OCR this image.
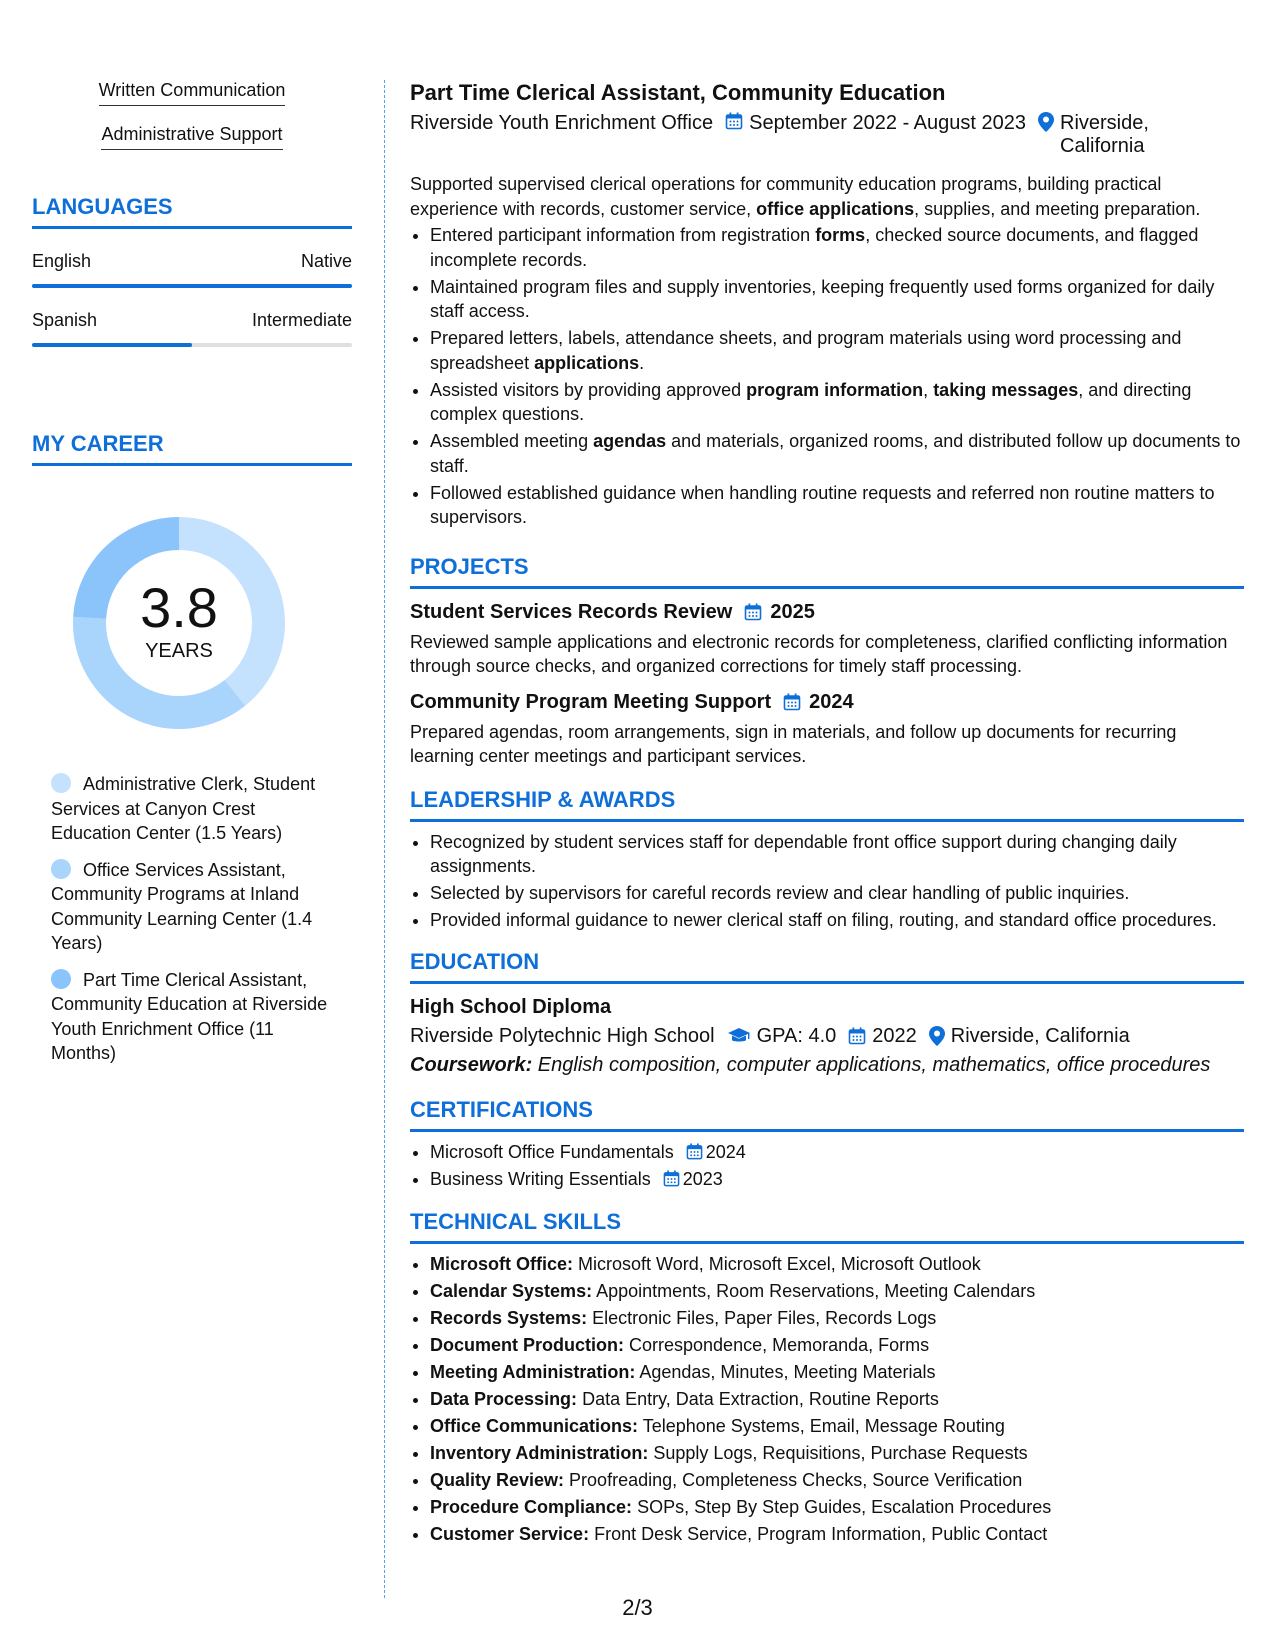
Written Communication
Administrative Support
LANGUAGES
English	Native
Spanish	Intermediate
MY CAREER
3.8
YEARS
Administrative Clerk, Student Services at Canyon Crest Education Center (1.5 Years)
Office Services Assistant, Community Programs at Inland Community Learning Center (1.4 Years)
Part Time Clerical Assistant, Community Education at Riverside Youth Enrichment Office (11 Months)
Part Time Clerical Assistant, Community Education
Riverside Youth Enrichment Office September 2022 - August 2023 Riverside,
California

Supported supervised clerical operations for community education programs, building practical experience with records, customer service, office applications, supplies, and meeting preparation.

• Entered participant information from registration forms, checked source documents, and flagged incomplete records.
• Maintained program files and supply inventories, keeping frequently used forms organized for daily staff access.
• Prepared letters, labels, attendance sheets, and program materials using word processing and spreadsheet applications.
• Assisted visitors by providing approved program information, taking messages, and directing complex questions.
• Assembled meeting agendas and materials, organized rooms, and distributed follow up documents to staff.
• Followed established guidance when handling routine requests and referred non routine matters to supervisors.
PROJECTS
Student Services Records Review 2025

Reviewed sample applications and electronic records for completeness, clarified conflicting information through source checks, and organized corrections for timely staff processing.

Community Program Meeting Support 2024

Prepared agendas, room arrangements, sign in materials, and follow up documents for recurring learning center meetings and participant services.

LEADERSHIP & AWARDS
• Recognized by student services staff for dependable front office support during changing daily assignments.
• Selected by supervisors for careful records review and clear handling of public inquiries.
• Provided informal guidance to newer clerical staff on filing, routing, and standard office procedures.
EDUCATION
High School Diploma
Riverside Polytechnic High School GPA: 4.0 2022 Riverside, California
Coursework: English composition, computer applications, mathematics, office procedures
CERTIFICATIONS
• Microsoft Office Fundamentals 2024
• Business Writing Essentials 2023
TECHNICAL SKILLS
• Microsoft Office: Microsoft Word, Microsoft Excel, Microsoft Outlook
• Calendar Systems: Appointments, Room Reservations, Meeting Calendars
• Records Systems: Electronic Files, Paper Files, Records Logs
• Document Production: Correspondence, Memoranda, Forms
• Meeting Administration: Agendas, Minutes, Meeting Materials
• Data Processing: Data Entry, Data Extraction, Routine Reports
• Office Communications: Telephone Systems, Email, Message Routing
• Inventory Administration: Supply Logs, Requisitions, Purchase Requests
• Quality Review: Proofreading, Completeness Checks, Source Verification
• Procedure Compliance: SOPs, Step By Step Guides, Escalation Procedures
• Customer Service: Front Desk Service, Program Information, Public Contact
2/3
